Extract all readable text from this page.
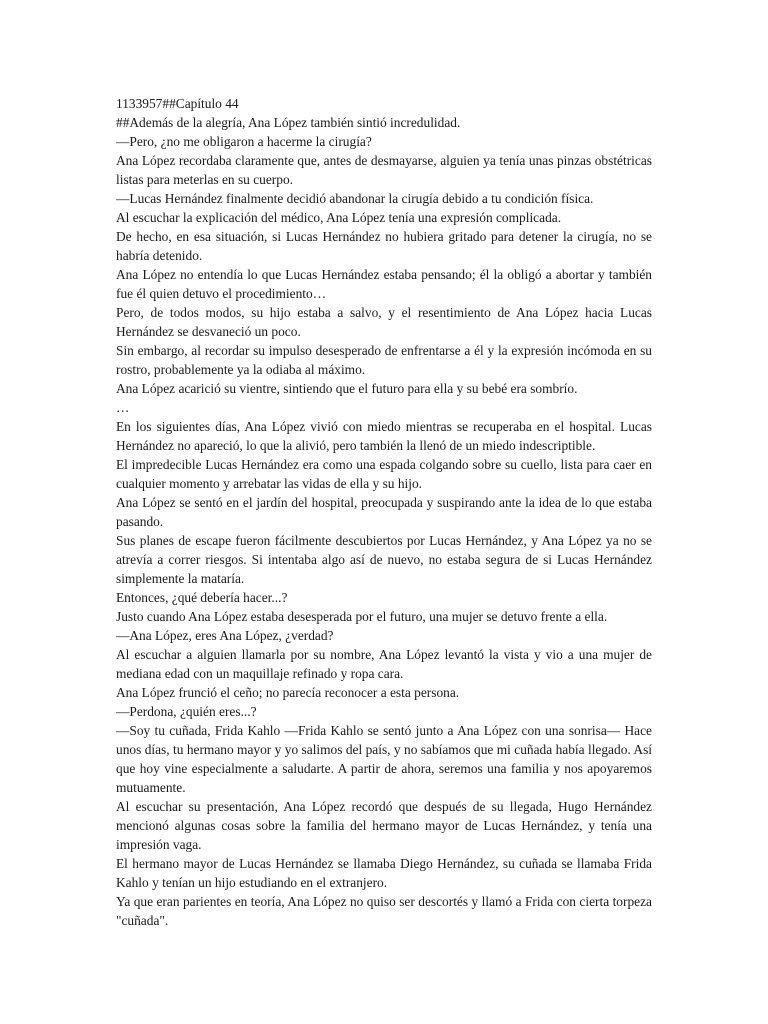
1133957##Capítulo 44

##Además de la alegría, Ana López también sintió incredulidad.

—Pero, ¿no me obligaron a hacerme la cirugía?

Ana López recordaba claramente que, antes de desmayarse, alguien ya tenía unas pinzas obstétricas listas para meterlas en su cuerpo.

—Lucas Hernández finalmente decidió abandonar la cirugía debido a tu condición física.

Al escuchar la explicación del médico, Ana López tenía una expresión complicada.

De hecho, en esa situación, si Lucas Hernández no hubiera gritado para detener la cirugía, no se habría detenido.

Ana López no entendía lo que Lucas Hernández estaba pensando; él la obligó a abortar y también fue él quien detuvo el procedimiento…

Pero, de todos modos, su hijo estaba a salvo, y el resentimiento de Ana López hacia Lucas Hernández se desvaneció un poco.

Sin embargo, al recordar su impulso desesperado de enfrentarse a él y la expresión incómoda en su rostro, probablemente ya la odiaba al máximo.

Ana López acarició su vientre, sintiendo que el futuro para ella y su bebé era sombrío.

…

En los siguientes días, Ana López vivió con miedo mientras se recuperaba en el hospital. Lucas Hernández no apareció, lo que la alivió, pero también la llenó de un miedo indescriptible.

El impredecible Lucas Hernández era como una espada colgando sobre su cuello, lista para caer en cualquier momento y arrebatar las vidas de ella y su hijo.

Ana López se sentó en el jardín del hospital, preocupada y suspirando ante la idea de lo que estaba pasando.

Sus planes de escape fueron fácilmente descubiertos por Lucas Hernández, y Ana López ya no se atrevía a correr riesgos. Si intentaba algo así de nuevo, no estaba segura de si Lucas Hernández simplemente la mataría.

Entonces, ¿qué debería hacer...?

Justo cuando Ana López estaba desesperada por el futuro, una mujer se detuvo frente a ella.

—Ana López, eres Ana López, ¿verdad?

Al escuchar a alguien llamarla por su nombre, Ana López levantó la vista y vio a una mujer de mediana edad con un maquillaje refinado y ropa cara.

Ana López frunció el ceño; no parecía reconocer a esta persona.

—Perdona, ¿quién eres...?

—Soy tu cuñada, Frida Kahlo —Frida Kahlo se sentó junto a Ana López con una sonrisa— Hace unos días, tu hermano mayor y yo salimos del país, y no sabíamos que mi cuñada había llegado. Así que hoy vine especialmente a saludarte. A partir de ahora, seremos una familia y nos apoyaremos mutuamente.

Al escuchar su presentación, Ana López recordó que después de su llegada, Hugo Hernández mencionó algunas cosas sobre la familia del hermano mayor de Lucas Hernández, y tenía una impresión vaga.

El hermano mayor de Lucas Hernández se llamaba Diego Hernández, su cuñada se llamaba Frida Kahlo y tenían un hijo estudiando en el extranjero.

Ya que eran parientes en teoría, Ana López no quiso ser descortés y llamó a Frida con cierta torpeza "cuñada".
